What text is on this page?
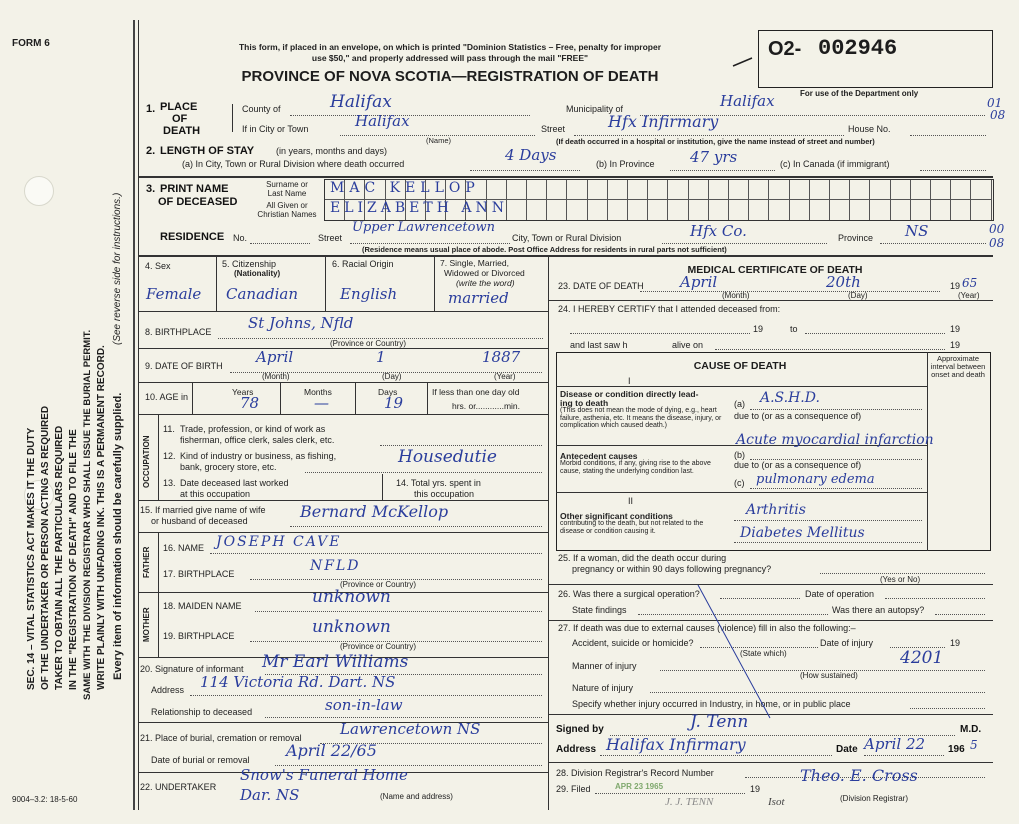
FORM 6
9004–3.2: 18-5-60
SEC. 14 – VITAL STATISTICS ACT MAKES IT THE DUTY OF THE UNDERTAKER OR PERSON ACTING AS REQUIRED TAKER TO OBTAIN ALL THE PARTICULARS REQUIRED IN THE "REGISTRATION OF DEATH" AND TO FILE THE SAME WITH THE DIVISION REGISTRAR WHO SHALL ISSUE THE BURIAL PERMIT. WRITE PLAINLY WITH UNFADING INK. THIS IS A PERMANENT RECORD. Every item of information should be carefully supplied.
(See reverse side for instructions.)
This form, if placed in an envelope, on which is printed "Dominion Statistics – Free, penalty for improper
use $50," and properly addressed will pass through the mail "FREE"
PROVINCE OF NOVA SCOTIA—REGISTRATION OF DEATH
O2- 002946
For use of the Department only
01
08
1. PLACE
OF
DEATH
County of	Halifax	Municipality of	Halifax
If in City or Town	Halifax
(Name)
Street	Hfx Infirmary	House No.
(If death occurred in a hospital or institution, give the name instead of street and number)
2. LENGTH OF STAY (in years, months and days)
(a) In City, Town or Rural Division where death occurred	4 Days	(b) In Province 47 yrs	(c) In Canada (if immigrant)
3. PRINT NAME
OF DECEASED
Surname or
Last Name
All Given or
Christian Names
MAC KELLOP
ELIZABETH ANN
RESIDENCE No.	Street
Upper Lawrencetown
City, Town or Rural Division	Hfx Co.	Province NS
(Residence means usual place of abode. Post Office Address for residents in rural parts not sufficient)
00
08
4. Sex
Female
5. Citizenship
(Nationality)
Canadian
6. Racial Origin
English
7. Single, Married,
Widowed or Divorced
(write the word)
married
8. BIRTHPLACE St Johns, Nfld
(Province or Country)
9. DATE OF BIRTH April	1	1887
(Month)	(Day)	(Year)
10. AGE in	Years
78
Months
—
Days
19
If less than one day old
hrs. or............min.
OCCUPATION
11. Trade, profession, or kind of work as
fisherman, office clerk, sales clerk, etc.
12. Kind of industry or business, as fishing,
bank, grocery store, etc.	Housedutie
13. Date deceased last worked
at this occupation
14. Total yrs. spent in
this occupation
15. If married give name of wife
or husband of deceased	Bernard McKellop
FATHER 16. NAME JOSEPH CAVE
17. BIRTHPLACE	NFLD
(Province or Country)
MOTHER
18. MAIDEN NAME	unknown
19. BIRTHPLACE	unknown
(Province or Country)
20. Signature of informant Mr Earl Williams
Address 114 Victoria Rd. Dart. NS
Relationship to deceased	son-in-law
21. Place of burial, cremation or removal	Lawrencetown NS
Date of burial or removal April 22/65
22. UNDERTAKER
Snow's Funeral Home
Dar. NS	(Name and address)
MEDICAL CERTIFICATE OF DEATH
23. DATE OF DEATH April	20th	19 65
(Month)	(Day)	(Year)
24. I HEREBY CERTIFY that I attended deceased from:
19	to	19
and last saw h	alive on	19
CAUSE OF DEATH
Approximate interval between onset and death
I
Disease or condition directly lead-
ing to death
(This does not mean the mode of dying, e.g., heart failure, asthenia, etc. It means the disease, injury, or complication which caused death.)
(a) A.S.H.D.
due to (or as a consequence of)
Acute myocardial infarction
(b)
Antecedent causes
Morbid conditions, if any, giving rise to the above cause, stating the underlying condition last.
due to (or as a consequence of)
(c) pulmonary edema
II
Other significant conditions
contributing to the death, but not related to the disease or condition causing it.
Arthritis
Diabetes Mellitus
25. If a woman, did the death occur during
pregnancy or within 90 days following pregnancy?
(Yes or No)
26. Was there a surgical operation?	Date of operation
State findings	Was there an autopsy?
27. If death was due to external causes (violence) fill in also the following:–
Accident, suicide or homicide?	Date of injury	19
(State which)
Manner of injury	4201
(How sustained)
Nature of injury
Specify whether injury occurred in Industry, in home, or in public place
Signed by	J. Tenn	M.D.
Address Halifax Infirmary	Date April 22 196 5
28. Division Registrar's Record Number
29. Filed	APR 23 1965	19
Theo. E. Cross
(Division Registrar)
J. J. TENN	Isot
